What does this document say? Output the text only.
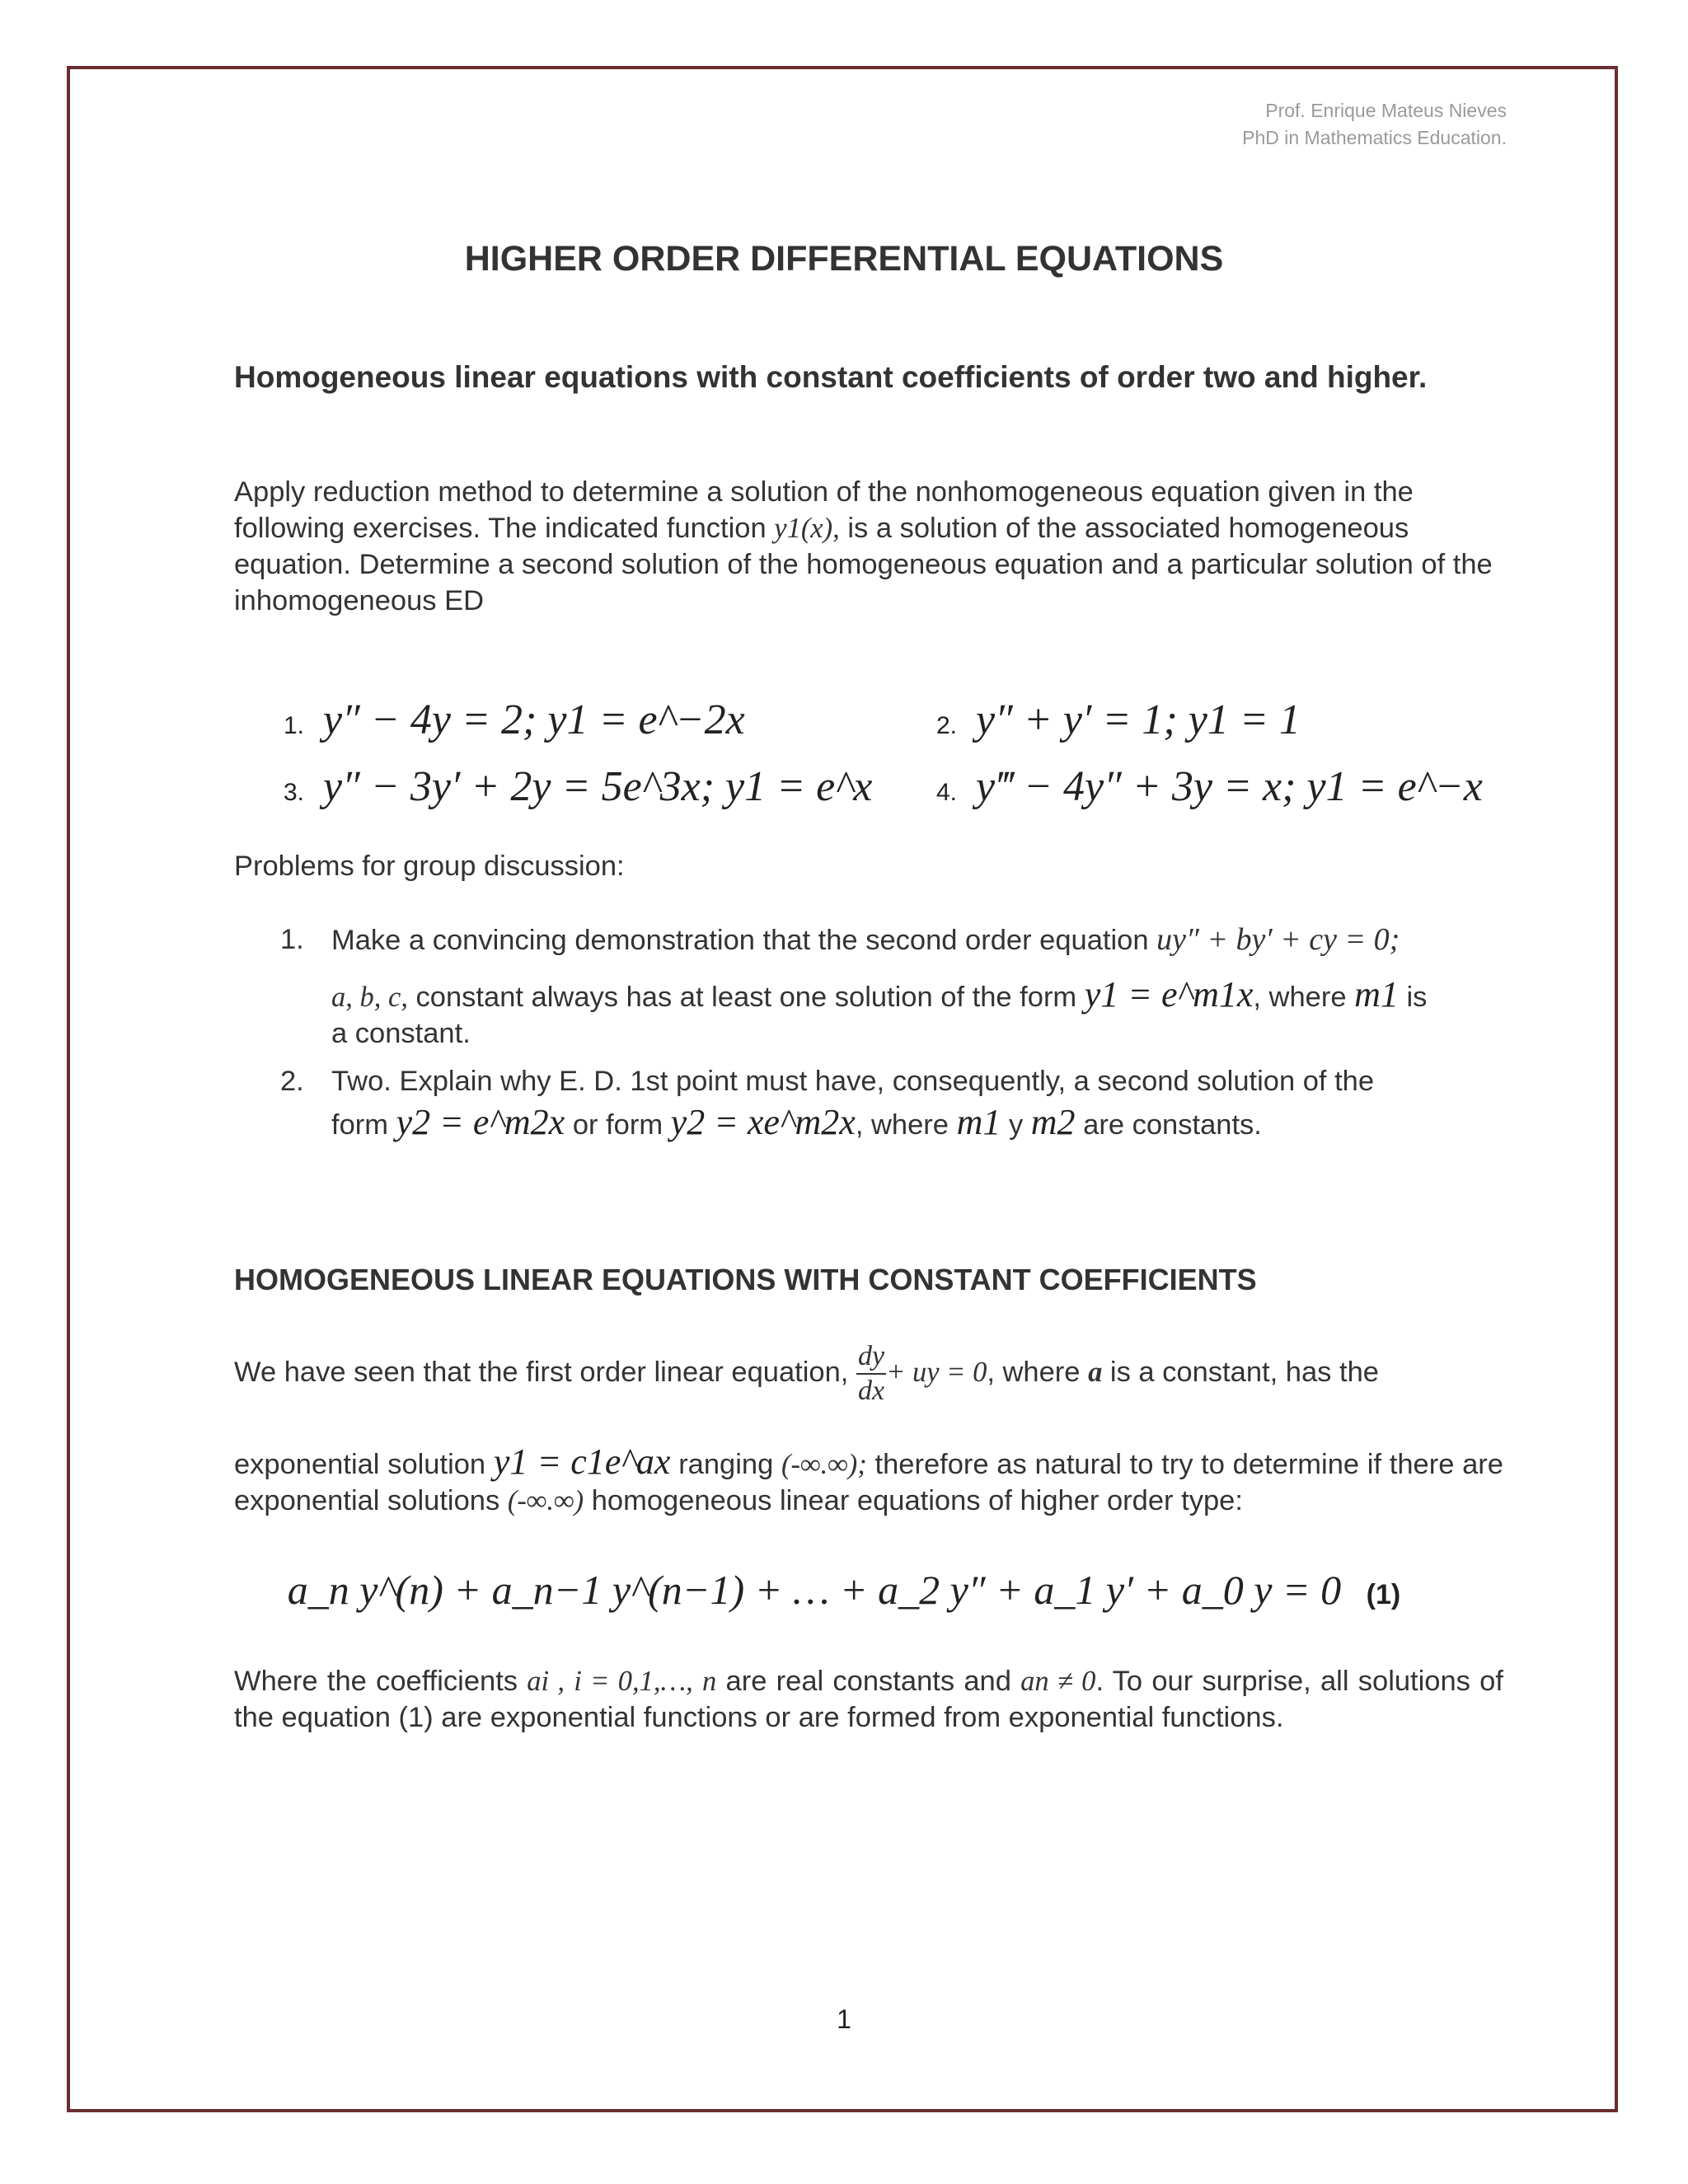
Prof. Enrique Mateus Nieves
PhD in Mathematics Education.
HIGHER ORDER DIFFERENTIAL EQUATIONS
Homogeneous linear equations with constant coefficients of order two and higher.
Apply reduction method to determine a solution of the nonhomogeneous equation given in the following exercises. The indicated function y1(x), is a solution of the associated homogeneous equation. Determine a second solution of the homogeneous equation and a particular solution of the inhomogeneous ED
1. y″ − 4y = 2; y1 = e^−2x	2. y″ + y′ = 1; y1 = 1
3. y″ − 3y′ + 2y = 5e^3x; y1 = e^x	4. y‴ − 4y″ + 3y = x; y1 = e^−x
Problems for group discussion:
1. Make a convincing demonstration that the second order equation uy″ + by′ + cy = 0;
a, b, c, constant always has at least one solution of the form y1 = e^m1x, where m1 is
a constant.
2. Two. Explain why E. D. 1st point must have, consequently, a second solution of the
form y2 = e^m2x or form y2 = xe^m2x, where m1 y m2 are constants.
HOMOGENEOUS LINEAR EQUATIONS WITH CONSTANT COEFFICIENTS
We have seen that the first order linear equation, $\frac{dy}{dx}$ + uy = 0, where a is a constant, has the
exponential solution y1 = c1e^ax ranging (-∞.∞); therefore as natural to try to determine if there are exponential solutions (-∞.∞) homogeneous linear equations of higher order type:
a_n y^(n) + a_n−1 y^(n−1) + … + a_2 y″ + a_1 y′ + a_0 y = 0 (1)
Where the coefficients ai , i = 0,1,…, n are real constants and an ≠ 0. To our surprise, all solutions of the equation (1) are exponential functions or are formed from exponential functions.
1
